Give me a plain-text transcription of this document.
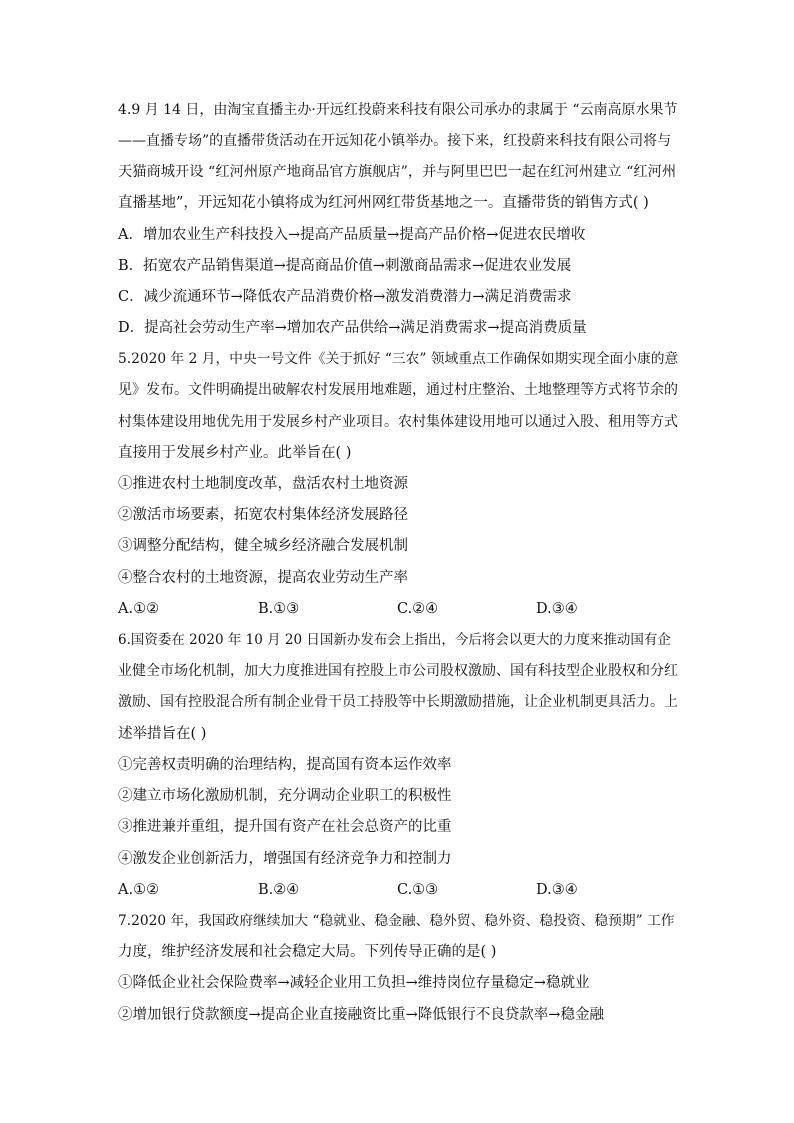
4.9 月 14 日，由淘宝直播主办·开远红投蔚来科技有限公司承办的隶属于 “云南高原水果节
——直播专场”的直播带货活动在开远知花小镇举办。接下来，红投蔚来科技有限公司将与
天猫商城开设 “红河州原产地商品官方旗舰店”，并与阿里巴巴一起在红河州建立 “红河州
直播基地”，开远知花小镇将成为红河州网红带货基地之一。直播带货的销售方式( )
A．增加农业生产科技投入→提高产品质量→提高产品价格→促进农民增收
B．拓宽农产品销售渠道→提高商品价值→刺激商品需求→促进农业发展
C．减少流通环节→降低农产品消费价格→激发消费潜力→满足消费需求
D．提高社会劳动生产率→增加农产品供给→满足消费需求→提高消费质量
5.2020 年 2 月，中央一号文件《关于抓好 “三农” 领域重点工作确保如期实现全面小康的意
见》发布。文件明确提出破解农村发展用地难题，通过村庄整治、土地整理等方式将节余的
村集体建设用地优先用于发展乡村产业项目。农村集体建设用地可以通过入股、租用等方式
直接用于发展乡村产业。此举旨在( )
①推进农村土地制度改革，盘活农村土地资源
②激活市场要素，拓宽农村集体经济发展路径
③调整分配结构，健全城乡经济融合发展机制
④整合农村的土地资源，提高农业劳动生产率
A.①②	B.①③	C.②④	D.③④
6.国资委在 2020 年 10 月 20 日国新办发布会上指出，今后将会以更大的力度来推动国有企
业健全市场化机制，加大力度推进国有控股上市公司股权激励、国有科技型企业股权和分红
激励、国有控股混合所有制企业骨干员工持股等中长期激励措施，让企业机制更具活力。上
述举措旨在( )
①完善权责明确的治理结构，提高国有资本运作效率
②建立市场化激励机制，充分调动企业职工的积极性
③推进兼并重组，提升国有资产在社会总资产的比重
④激发企业创新活力，增强国有经济竞争力和控制力
A.①②	B.②④	C.①③	D.③④
7.2020 年，我国政府继续加大 “稳就业、稳金融、稳外贸、稳外资、稳投资、稳预期” 工作
力度，维护经济发展和社会稳定大局。下列传导正确的是( )
①降低企业社会保险费率→减轻企业用工负担→维持岗位存量稳定→稳就业
②增加银行贷款额度→提高企业直接融资比重→降低银行不良贷款率→稳金融
